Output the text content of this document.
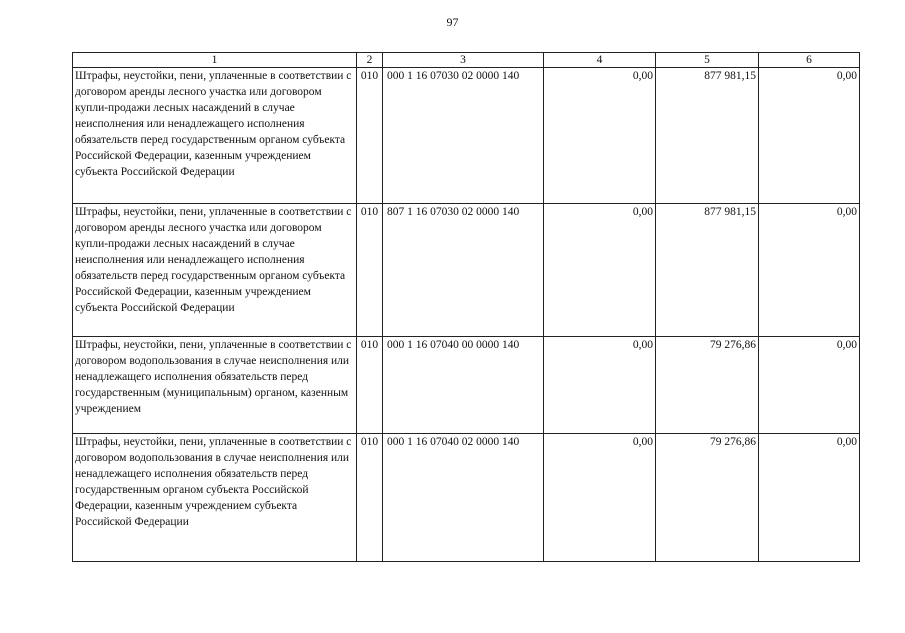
97
1	2	3	4	5	6
Штрафы, неустойки, пени, уплаченные в соответствии с договором аренды лесного участка или договором купли-продажи лесных насаждений в случае неисполнения или ненадлежащего исполнения обязательств перед государственным органом субъекта Российской Федерации, казенным учреждением субъекта Российской Федерации	010	000 1 16 07030 02 0000 140	0,00	877 981,15	0,00
Штрафы, неустойки, пени, уплаченные в соответствии с договором аренды лесного участка или договором купли-продажи лесных насаждений в случае неисполнения или ненадлежащего исполнения обязательств перед государственным органом субъекта Российской Федерации, казенным учреждением субъекта Российской Федерации	010	807 1 16 07030 02 0000 140	0,00	877 981,15	0,00
Штрафы, неустойки, пени, уплаченные в соответствии с договором водопользования в случае неисполнения или ненадлежащего исполнения обязательств перед государственным (муниципальным) органом, казенным учреждением	010	000 1 16 07040 00 0000 140	0,00	79 276,86	0,00
Штрафы, неустойки, пени, уплаченные в соответствии с договором водопользования в случае неисполнения или ненадлежащего исполнения обязательств перед государственным органом субъекта Российской Федерации, казенным учреждением субъекта Российской Федерации	010	000 1 16 07040 02 0000 140	0,00	79 276,86	0,00
